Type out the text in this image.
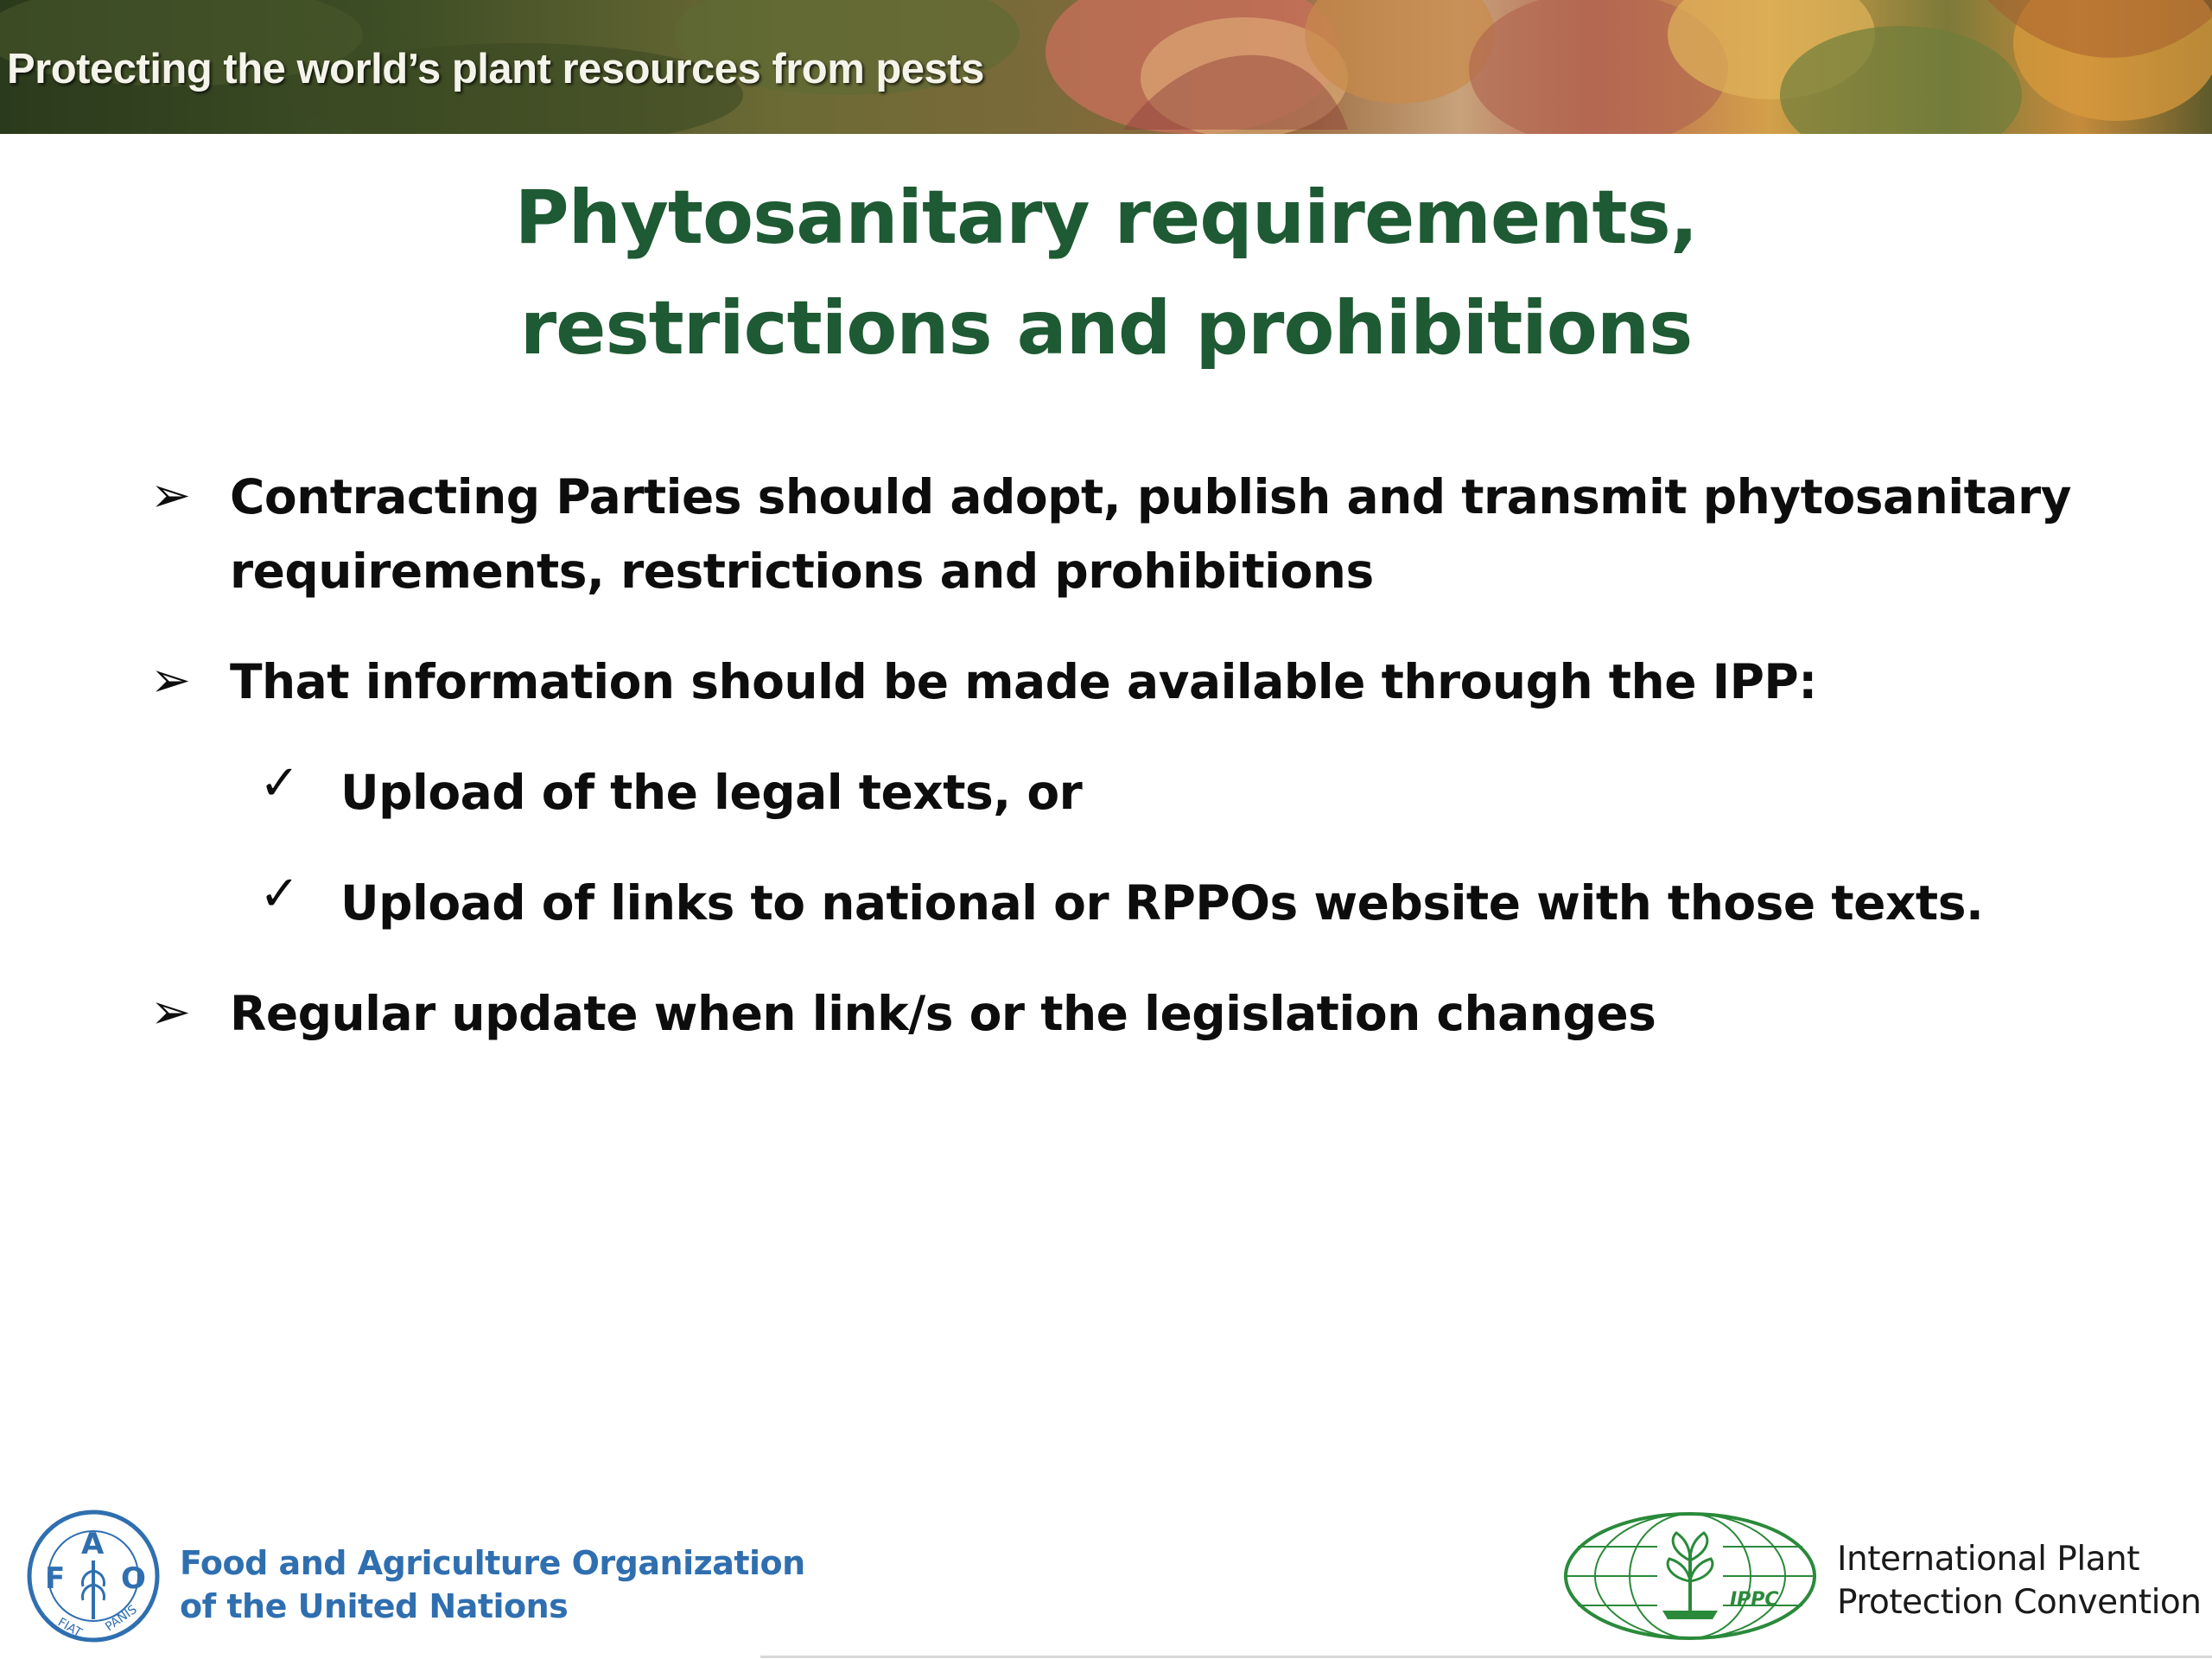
Protecting the world’s plant resources from pests
Phytosanitary requirements,
restrictions and prohibitions
➢ Contracting Parties should adopt, publish and transmit phytosanitary
requirements, restrictions and prohibitions
➢ That information should be made available through the IPP:
✓ Upload of the legal texts, or
✓ Upload of links to national or RPPOs website with those texts.
➢ Regular update when link/s or the legislation changes
F
A
O
FIAT PANIS
Food and Agriculture Organization
of the United Nations	IPPC
International Plant
Protection Convention
